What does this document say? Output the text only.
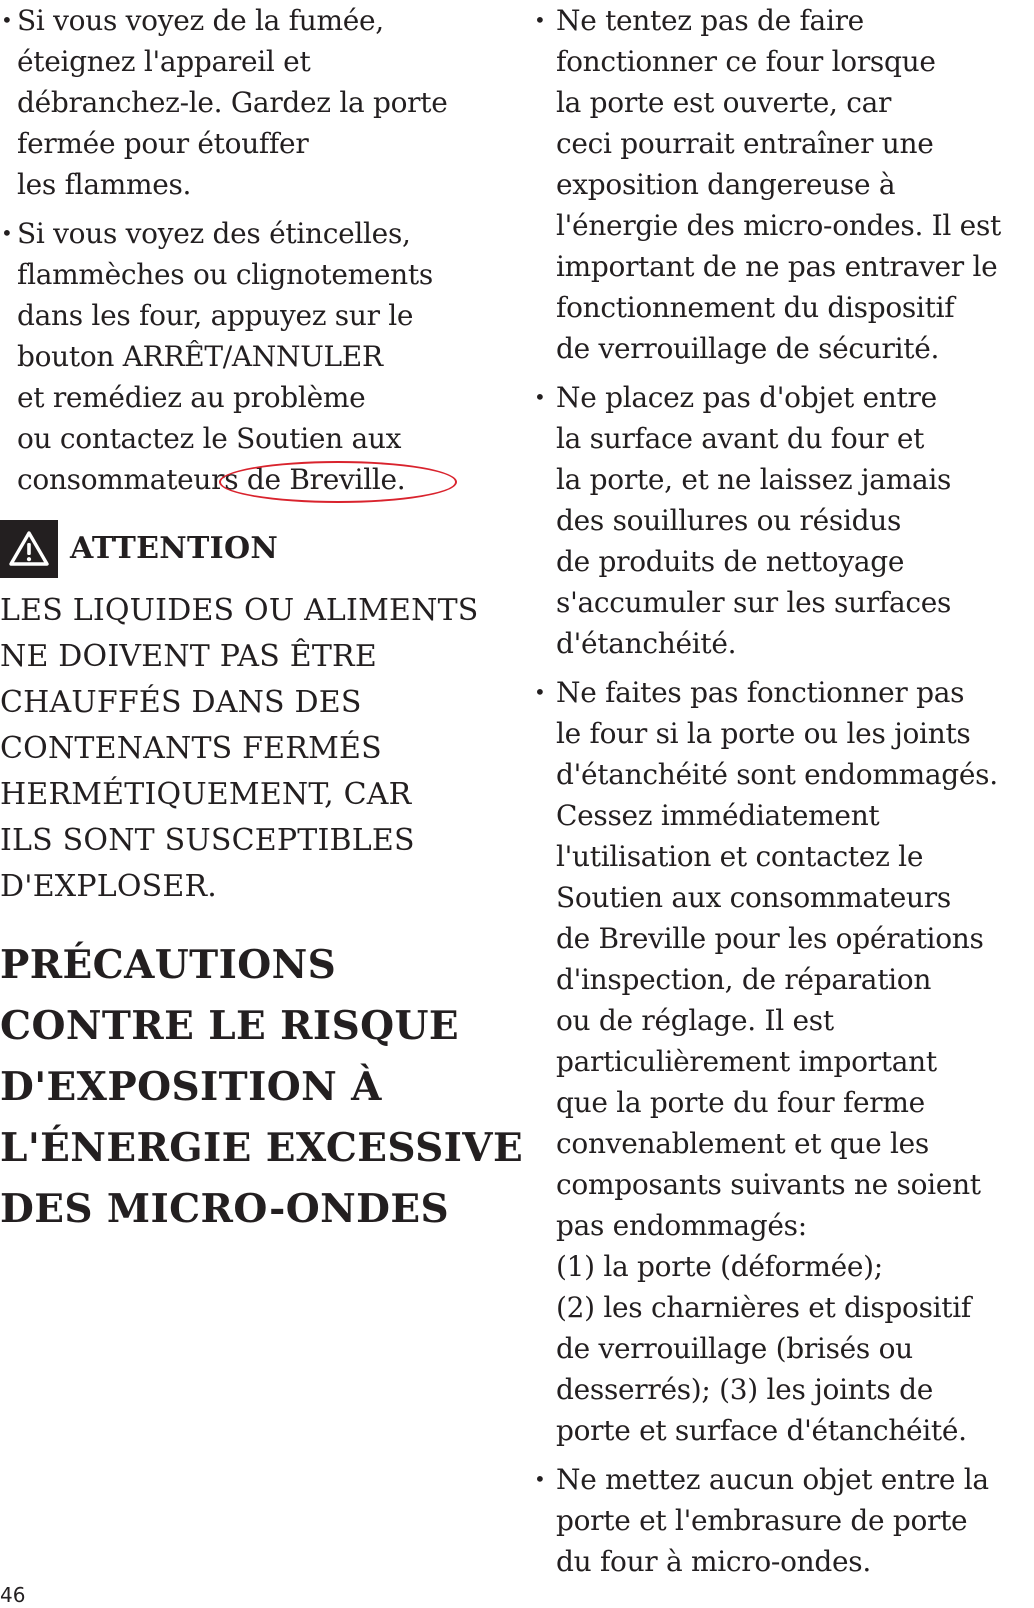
• Si vous voyez de la fumée,
éteignez l'appareil et
débranchez-le. Gardez la porte
fermée pour étouffer
les flammes.
• Si vous voyez des étincelles,
flammèches ou clignotements
dans les four, appuyez sur le
bouton ARRÊT/ANNULER
et remédiez au problème
ou contactez le Soutien aux
consommateurs de Breville.
ATTENTION
LES LIQUIDES OU ALIMENTS
NE DOIVENT PAS ÊTRE
CHAUFFÉS DANS DES
CONTENANTS FERMÉS
HERMÉTIQUEMENT, CAR
ILS SONT SUSCEPTIBLES
D'EXPLOSER.
PRÉCAUTIONS
CONTRE LE RISQUE
D'EXPOSITION À
L'ÉNERGIE EXCESSIVE
DES MICRO-ONDES
• Ne tentez pas de faire
fonctionner ce four lorsque
la porte est ouverte, car
ceci pourrait entraîner une
exposition dangereuse à
l'énergie des micro-ondes. Il est
important de ne pas entraver le
fonctionnement du dispositif
de verrouillage de sécurité.
• Ne placez pas d'objet entre
la surface avant du four et
la porte, et ne laissez jamais
des souillures ou résidus
de produits de nettoyage
s'accumuler sur les surfaces
d'étanchéité.
• Ne faites pas fonctionner pas
le four si la porte ou les joints
d'étanchéité sont endommagés.
Cessez immédiatement
l'utilisation et contactez le
Soutien aux consommateurs
de Breville pour les opérations
d'inspection, de réparation
ou de réglage. Il est
particulièrement important
que la porte du four ferme
convenablement et que les
composants suivants ne soient
pas endommagés:
(1) la porte (déformée);
(2) les charnières et dispositif
de verrouillage (brisés ou
desserrés); (3) les joints de
porte et surface d'étanchéité.
• Ne mettez aucun objet entre la
porte et l'embrasure de porte
du four à micro-ondes.
46
